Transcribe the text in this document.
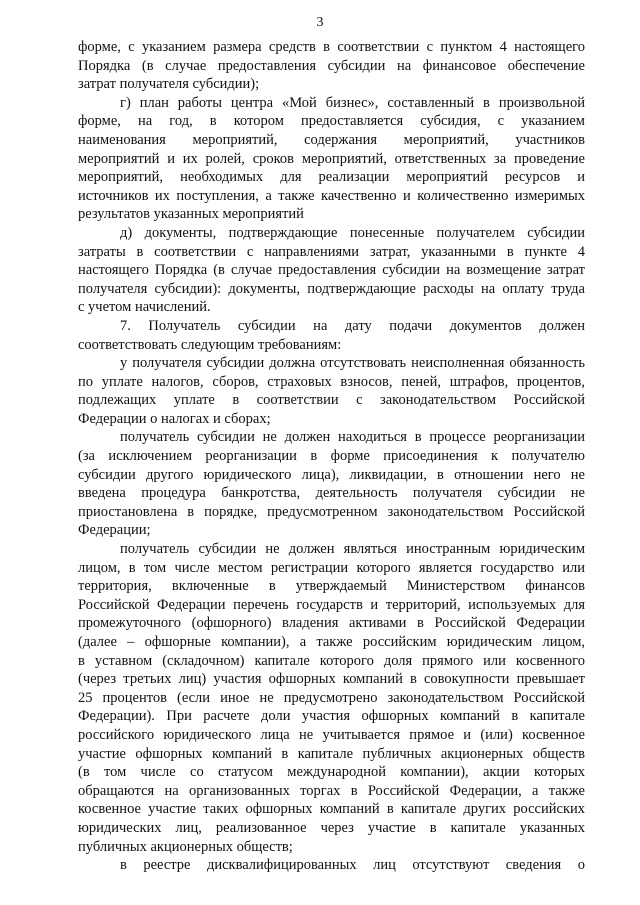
3
форме, с указанием размера средств в соответствии с пунктом 4 настоящего
Порядка (в случае предоставления субсидии на финансовое обеспечение
затрат получателя субсидии);
г) план работы центра «Мой бизнес», составленный в произвольной
форме, на год, в котором предоставляется субсидия, с указанием
наименования мероприятий, содержания мероприятий, участников
мероприятий и их ролей, сроков мероприятий, ответственных за проведение
мероприятий, необходимых для реализации мероприятий ресурсов и
источников их поступления, а также качественно и количественно измеримых
результатов указанных мероприятий
д) документы, подтверждающие понесенные получателем субсидии
затраты в соответствии с направлениями затрат, указанными в пункте 4
настоящего Порядка (в случае предоставления субсидии на возмещение затрат
получателя субсидии): документы, подтверждающие расходы на оплату труда
с учетом начислений.
7. Получатель субсидии на дату подачи документов должен
соответствовать следующим требованиям:
у получателя субсидии должна отсутствовать неисполненная обязанность
по уплате налогов, сборов, страховых взносов, пеней, штрафов, процентов,
подлежащих уплате в соответствии с законодательством Российской
Федерации о налогах и сборах;
получатель субсидии не должен находиться в процессе реорганизации
(за исключением реорганизации в форме присоединения к получателю
субсидии другого юридического лица), ликвидации, в отношении него не
введена процедура банкротства, деятельность получателя субсидии не
приостановлена в порядке, предусмотренном законодательством Российской
Федерации;
получатель субсидии не должен являться иностранным юридическим
лицом, в том числе местом регистрации которого является государство или
территория, включенные в утверждаемый Министерством финансов
Российской Федерации перечень государств и территорий, используемых для
промежуточного (офшорного) владения активами в Российской Федерации
(далее – офшорные компании), а также российским юридическим лицом,
в уставном (складочном) капитале которого доля прямого или косвенного
(через третьих лиц) участия офшорных компаний в совокупности превышает
25 процентов (если иное не предусмотрено законодательством Российской
Федерации). При расчете доли участия офшорных компаний в капитале
российского юридического лица не учитывается прямое и (или) косвенное
участие офшорных компаний в капитале публичных акционерных обществ
(в том числе со статусом международной компании), акции которых
обращаются на организованных торгах в Российской Федерации, а также
косвенное участие таких офшорных компаний в капитале других российских
юридических лиц, реализованное через участие в капитале указанных
публичных акционерных обществ;
в реестре дисквалифицированных лиц отсутствуют сведения о
